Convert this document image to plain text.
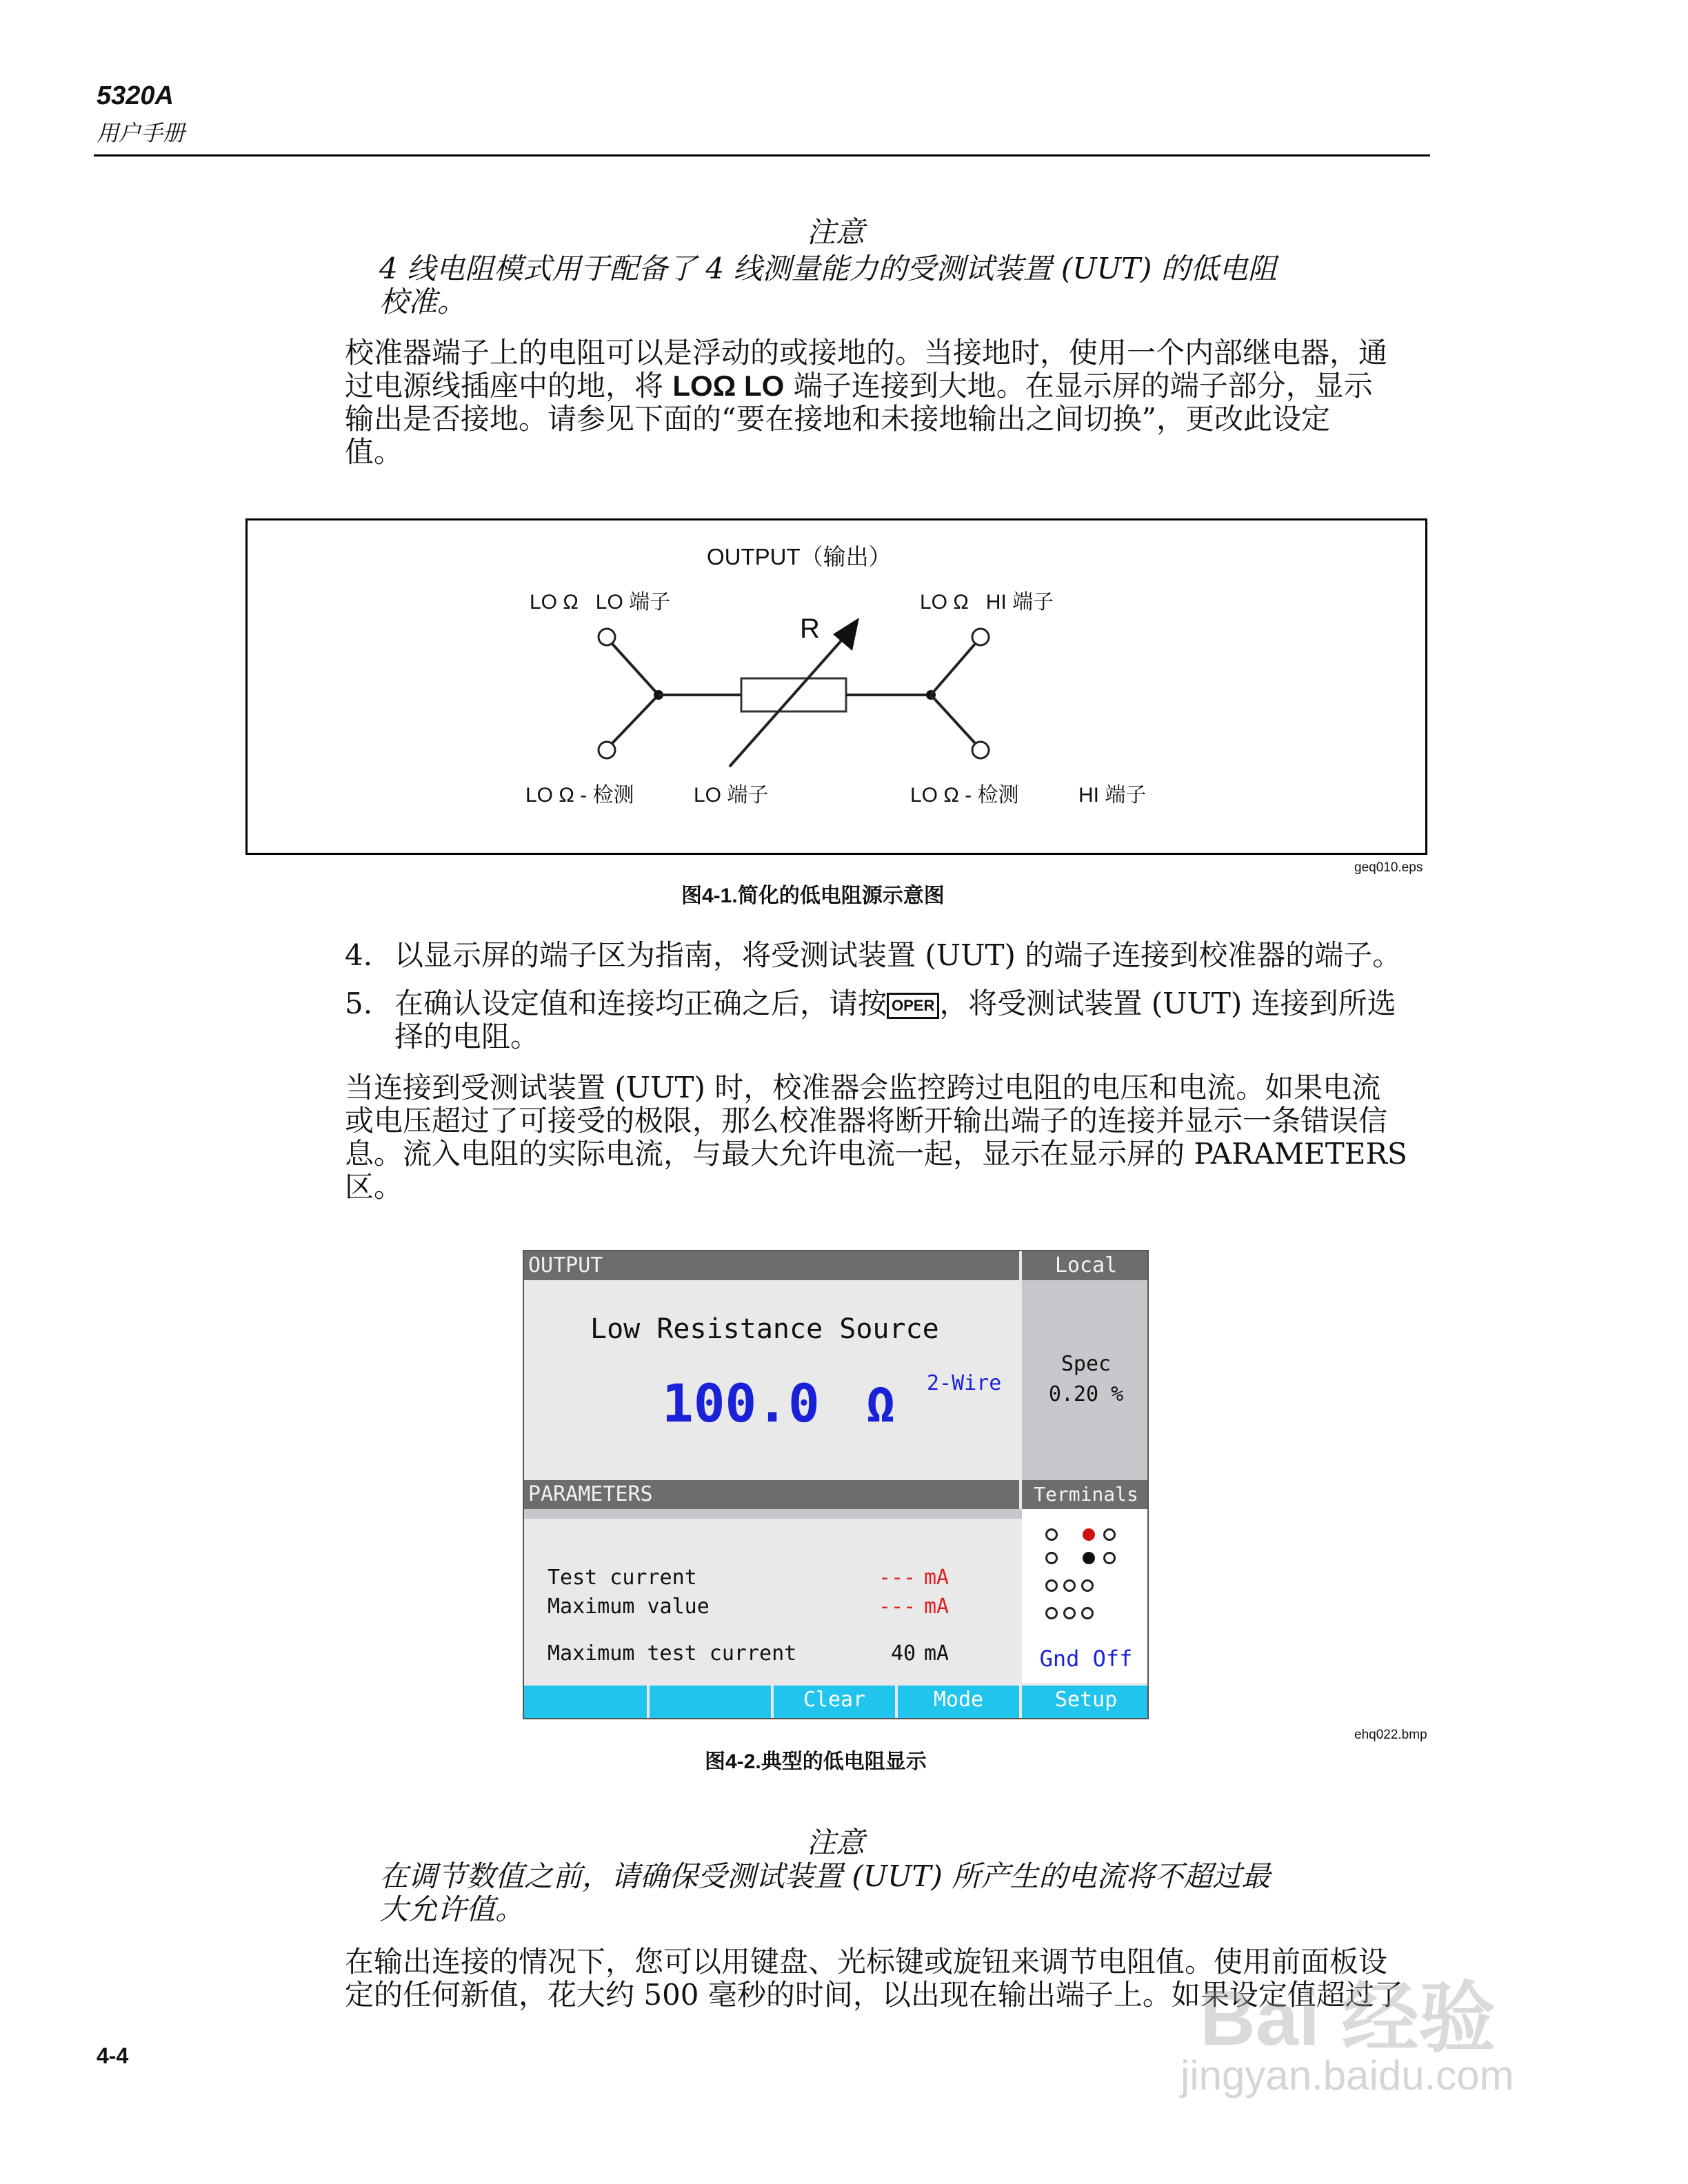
5320A
用户手册
注意
4 线电阻模式用于配备了 4 线测量能力的受测试装置 (UUT) 的低电阻
校准。
校准器端子上的电阻可以是浮动的或接地的。当接地时，使用一个内部继电器，通
过电源线插座中的地，将 LOΩ LO 端子连接到大地。在显示屏的端子部分，显示
输出是否接地。请参见下面的“要在接地和未接地输出之间切换”，更改此设定
值。
OUTPUT（输出）
LO Ω   LO 端子	LO Ω   HI 端子
R
LO Ω - 检测	LO 端子	LO Ω - 检测	HI 端子
geq010.eps
图4-1.简化的低电阻源示意图
4. 以显示屏的端子区为指南，将受测试装置 (UUT) 的端子连接到校准器的端子。
5. 在确认设定值和连接均正确之后，请按 OPER ，将受测试装置 (UUT) 连接到所选
择的电阻。
当连接到受测试装置 (UUT) 时，校准器会监控跨过电阻的电压和电流。如果电流
或电压超过了可接受的极限，那么校准器将断开输出端子的连接并显示一条错误信
息。流入电阻的实际电流，与最大允许电流一起，显示在显示屏的 PARAMETERS
区。
OUTPUT	Local
Spec
0.20 %
Low Resistance Source
100.0 Ω 2-Wire
PARAMETERS	Terminals
Test current	--- mA
Maximum value	--- mA
Maximum test current	40 mA	Gnd Off
Clear	Mode	Setup
ehq022.bmp
图4-2.典型的低电阻显示
注意
在调节数值之前，请确保受测试装置 (UUT) 所产生的电流将不超过最
大允许值。
在输出连接的情况下，您可以用键盘、光标键或旋钮来调节电阻值。使用前面板设
定的任何新值，花大约 500 毫秒的时间，以出现在输出端子上。如果设定值超过了
4-4	Bai 经验
jingyan.baidu.com
